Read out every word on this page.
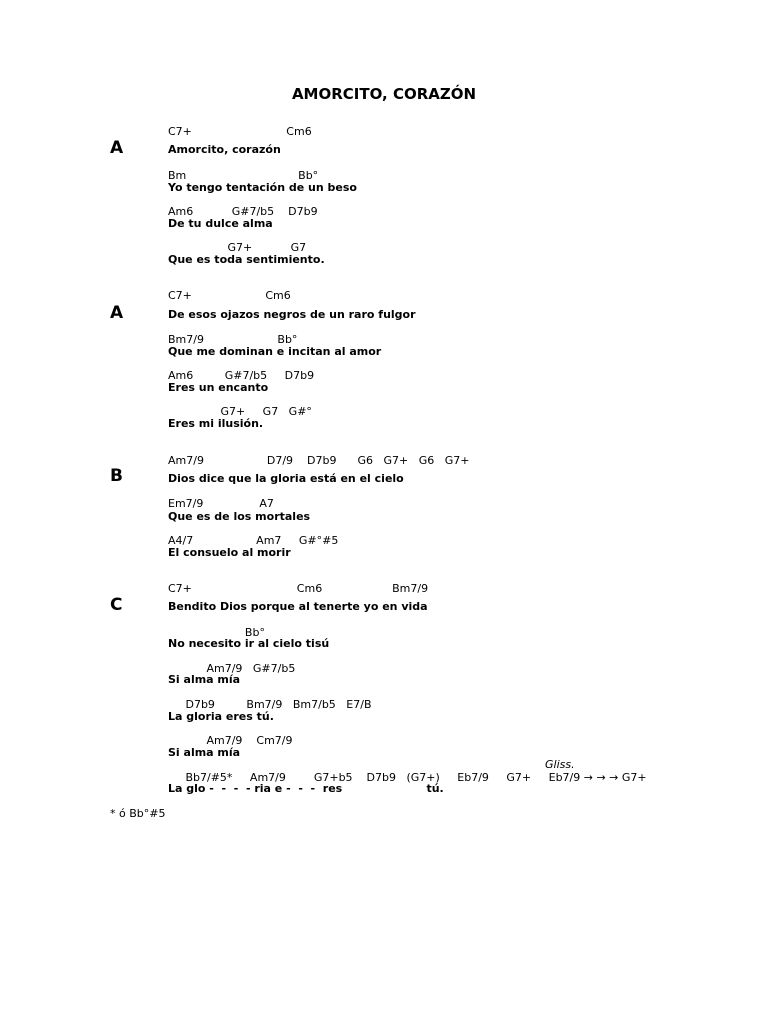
AMORCITO, CORAZÓN
A
A
B
C
C7+                           Cm6
Amorcito, corazón
Bm                                Bb°
Yo tengo tentación de un beso
Am6           G#7/b5    D7b9
De tu dulce alma
G7+           G7
Que es toda sentimiento.
C7+                     Cm6
De esos ojazos negros de un raro fulgor
Bm7/9                     Bb°
Que me dominan e incitan al amor
Am6         G#7/b5     D7b9
Eres un encanto
G7+     G7   G#°
Eres mi ilusión.
Am7/9                  D7/9    D7b9      G6   G7+   G6   G7+
Dios dice que la gloria está en el cielo
Em7/9                A7
Que es de los mortales
A4/7                  Am7     G#°#5
El consuelo al morir
C7+                              Cm6                    Bm7/9
Bendito Dios porque al tenerte yo en vida
Bb°
No necesito ir al cielo tisú
Am7/9   G#7/b5
Si alma mía
D7b9         Bm7/9   Bm7/b5   E7/B
La gloria eres tú.
Am7/9    Cm7/9
Si alma mía
Gliss.
Bb7/#5*     Am7/9        G7+b5    D7b9   (G7+)     Eb7/9     G7+     Eb7/9 → → → G7+
La glo -  -  -  - ria e -  -  -  res                      tú.
* ó Bb°#5
